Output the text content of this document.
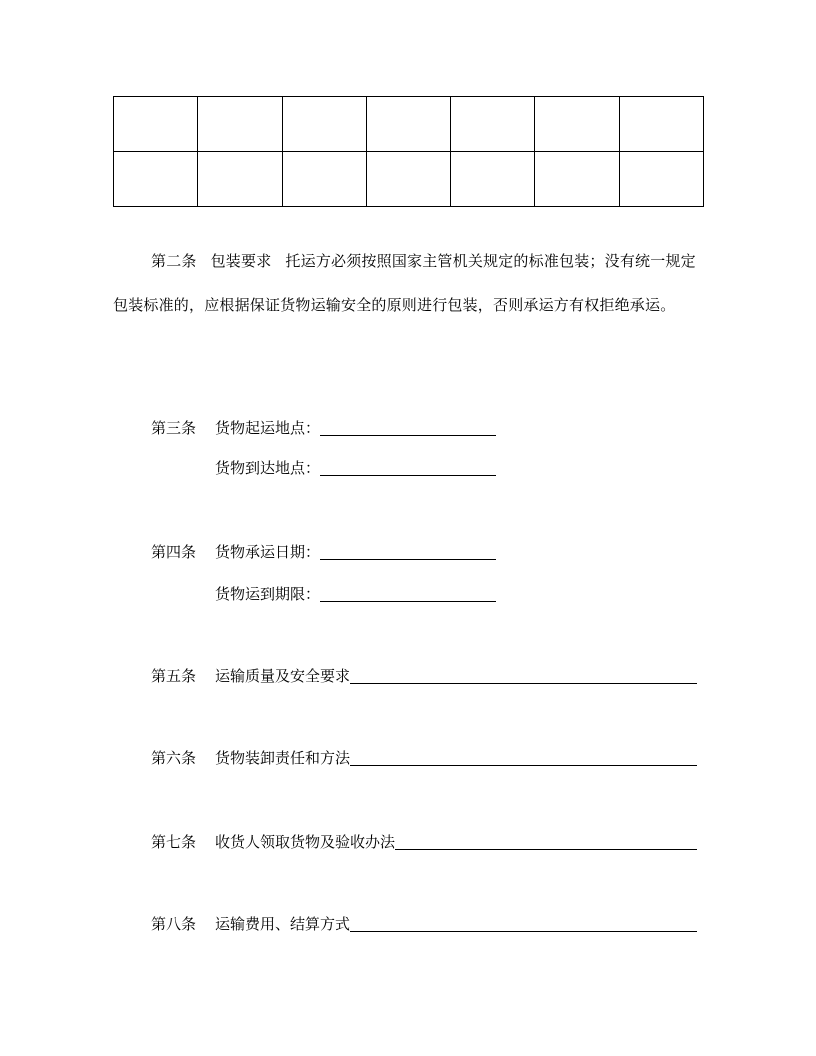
第二条 包装要求 托运方必须按照国家主管机关规定的标准包装；没有统一规定包装标准的，应根据保证货物运输安全的原则进行包装，否则承运方有权拒绝承运。

第三条	货物起运地点：
货物到达地点：
第四条	货物承运日期：
货物运到期限：
第五条	运输质量及安全要求
第六条	货物装卸责任和方法
第七条	收货人领取货物及验收办法
第八条	运输费用、结算方式
